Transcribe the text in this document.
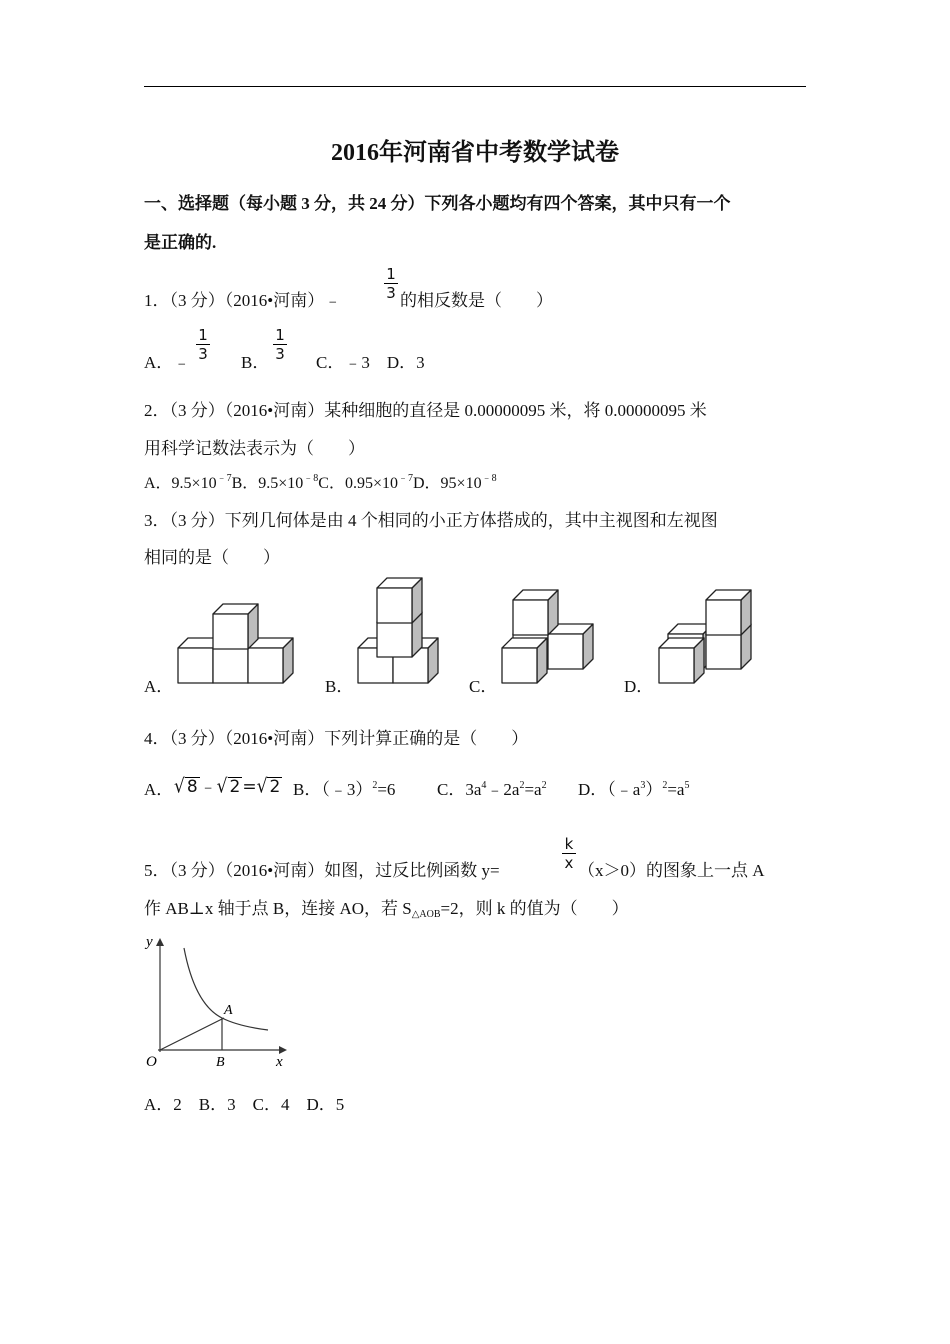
2016年河南省中考数学试卷
一、选择题（每小题 3 分，共 24 分）下列各小题均有四个答案，其中只有一个
是正确的.
1．（3 分）（2016•河南）﹣
1
3 的相反数是（　　）
A．﹣
1
3 B．
1
3 C．﹣3　D．3
2．（3 分）（2016•河南）某种细胞的直径是 0.00000095 米，将 0.00000095 米
用科学记数法表示为（　　）
A．$9.5\times 10^{﹣7}B$．$9.5\times 10^{﹣8}C$．$0.95\times 10^{﹣7}D$．$95\times 10^{﹣8}$
3．（3 分）下列几何体是由 4 个相同的小正方体搭成的，其中主视图和左视图
相同的是（　　）
A．	B．	C．	D．
4．（3 分）（2016•河南）下列计算正确的是（　　）
A． √ 8 ﹣√ 2 =√ 2 B．（﹣3）$^2$=6 C．$3a^4﹣2a^2=a^2$ D．$(﹣a^3)^2=a^5$
5．（3 分）（2016•河南）如图，过反比例函数 y=
k
x （x＞0）的图象上一点 A
作 AB⊥x 轴于点 B，连接 AO，若 $S_{\triangle AOB}=2$，则 k 的值为（　　）
y
x
O
A
B
A．2　B．3　C．4　D．5
